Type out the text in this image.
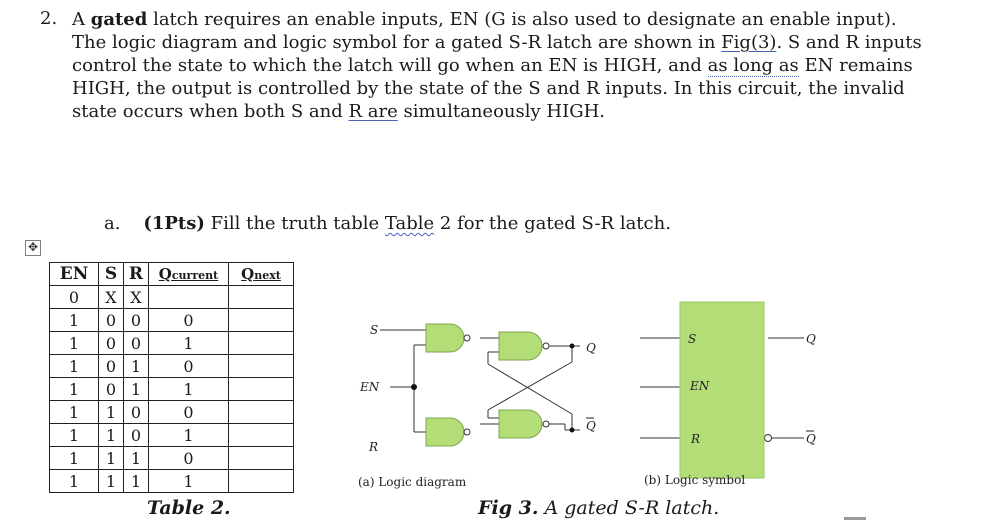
2. A gated latch requires an enable inputs, EN (G is also used to designate an enable input).
The logic diagram and logic symbol for a gated S-R latch are shown in Fig(3). S and R inputs
control the state to which the latch will go when an EN is HIGH, and as long as EN remains
HIGH, the output is controlled by the state of the S and R inputs. In this circuit, the invalid
state occurs when both S and R are simultaneously HIGH.
a. (1Pts) Fill the truth table Table 2 for the gated S-R latch.
✥
EN	S	R	Qcurrent	Qnext
0	X	X		
1	0	0	0	
1	0	0	1	
1	0	1	0	
1	0	1	1	
1	1	0	0	
1	1	0	1	
1	1	1	0	
1	1	1	1	
Table 2.
S
EN
R
Q
Q
(a) Logic diagram
S
EN
R
Q
Q
(b) Logic symbol
Fig 3. A gated S-R latch.
